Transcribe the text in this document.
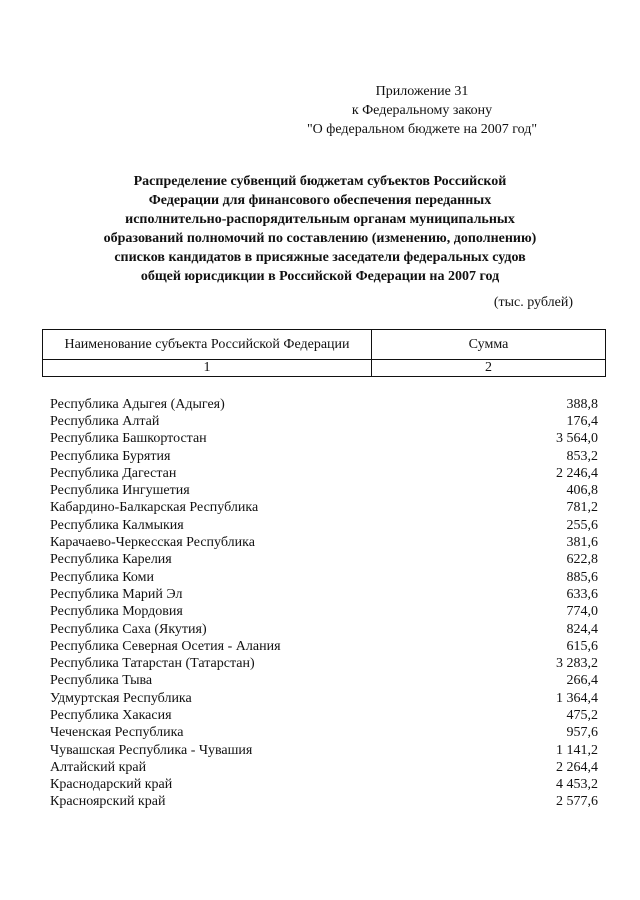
Приложение 31
к Федеральному закону
"О федеральном бюджете на 2007 год"
Распределение субвенций бюджетам субъектов Российской
Федерации для финансового обеспечения переданных
исполнительно-распорядительным органам муниципальных
образований полномочий по составлению (изменению, дополнению)
списков кандидатов в присяжные заседатели федеральных судов
общей юрисдикции в Российской Федерации на 2007 год
(тыс. рублей)
Наименование субъекта Российской Федерации	Сумма
1	2
Республика Адыгея (Адыгея)	388,8
Республика Алтай	176,4
Республика Башкортостан	3 564,0
Республика Бурятия	853,2
Республика Дагестан	2 246,4
Республика Ингушетия	406,8
Кабардино-Балкарская Республика	781,2
Республика Калмыкия	255,6
Карачаево-Черкесская Республика	381,6
Республика Карелия	622,8
Республика Коми	885,6
Республика Марий Эл	633,6
Республика Мордовия	774,0
Республика Саха (Якутия)	824,4
Республика Северная Осетия - Алания	615,6
Республика Татарстан (Татарстан)	3 283,2
Республика Тыва	266,4
Удмуртская Республика	1 364,4
Республика Хакасия	475,2
Чеченская Республика	957,6
Чувашская Республика - Чувашия	1 141,2
Алтайский край	2 264,4
Краснодарский край	4 453,2
Красноярский край	2 577,6
